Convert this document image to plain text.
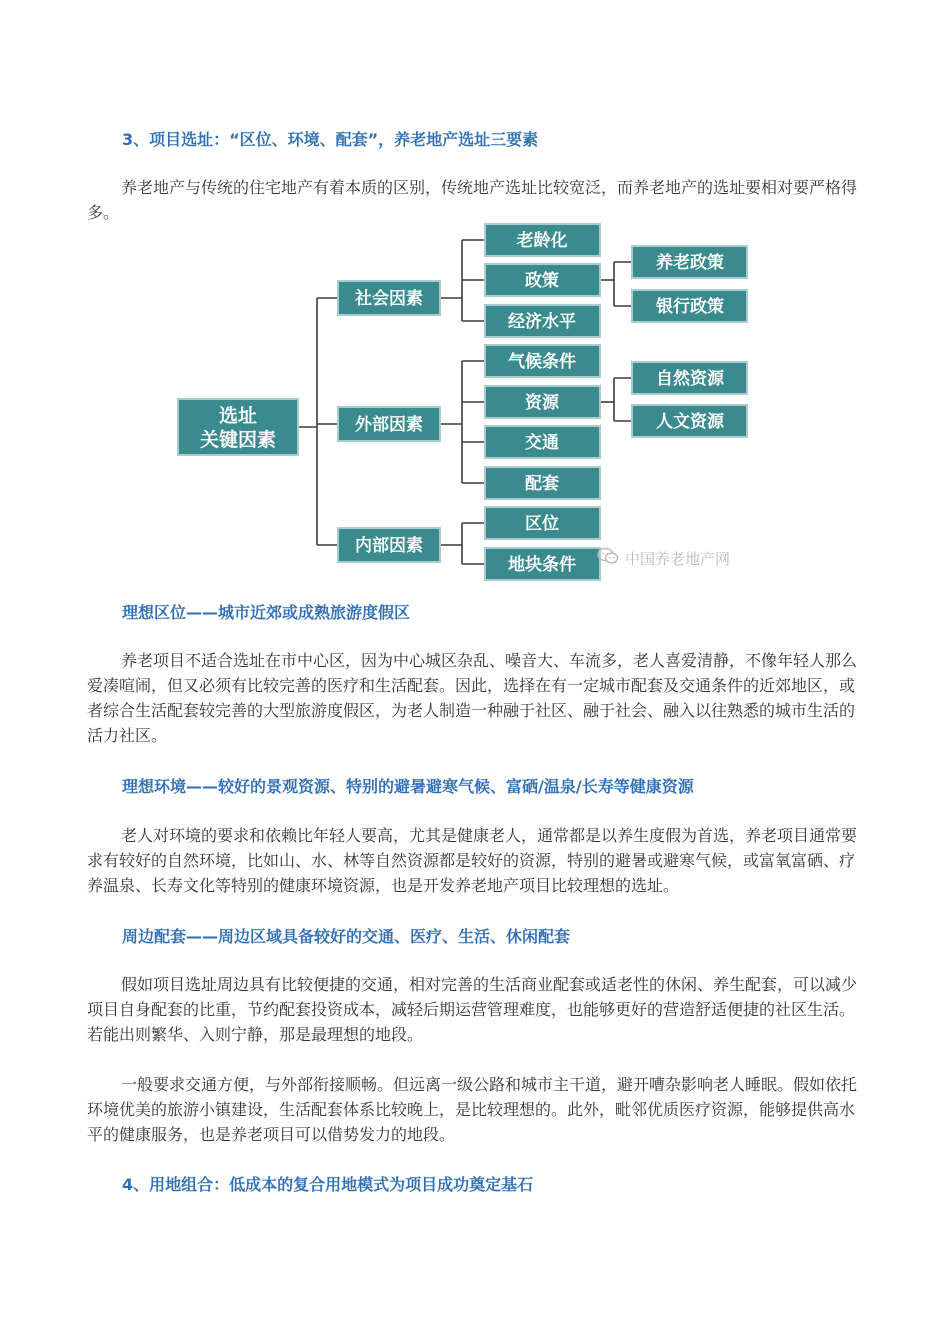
3、项目选址：“区位、环境、配套”，养老地产选址三要素

养老地产与传统的住宅地产有着本质的区别，传统地产选址比较宽泛，而养老地产的选址要相对要严格得多。

选址
关键因素
社会因素
外部因素
内部因素
老龄化
政策
经济水平
养老政策
银行政策
气候条件
资源
交通
配套
自然资源
人文资源
区位
地块条件	中国养老地产网
理想区位——城市近郊或成熟旅游度假区

养老项目不适合选址在市中心区，因为中心城区杂乱、噪音大、车流多，老人喜爱清静，不像年轻人那么爱凑喧闹，但又必须有比较完善的医疗和生活配套。因此，选择在有一定城市配套及交通条件的近郊地区，或者综合生活配套较完善的大型旅游度假区，为老人制造一种融于社区、融于社会、融入以往熟悉的城市生活的活力社区。

理想环境——较好的景观资源、特别的避暑避寒气候、富硒/温泉/长寿等健康资源

老人对环境的要求和依赖比年轻人要高，尤其是健康老人，通常都是以养生度假为首选，养老项目通常要求有较好的自然环境，比如山、水、林等自然资源都是较好的资源，特别的避暑或避寒气候，或富氧富硒、疗养温泉、长寿文化等特别的健康环境资源，也是开发养老地产项目比较理想的选址。

周边配套——周边区域具备较好的交通、医疗、生活、休闲配套

假如项目选址周边具有比较便捷的交通，相对完善的生活商业配套或适老性的休闲、养生配套，可以减少项目自身配套的比重，节约配套投资成本，减轻后期运营管理难度，也能够更好的营造舒适便捷的社区生活。若能出则繁华、入则宁静，那是最理想的地段。

一般要求交通方便，与外部衔接顺畅。但远离一级公路和城市主干道，避开嘈杂影响老人睡眠。假如依托环境优美的旅游小镇建设，生活配套体系比较晚上，是比较理想的。此外，毗邻优质医疗资源，能够提供高水平的健康服务，也是养老项目可以借势发力的地段。

4、用地组合：低成本的复合用地模式为项目成功奠定基石
